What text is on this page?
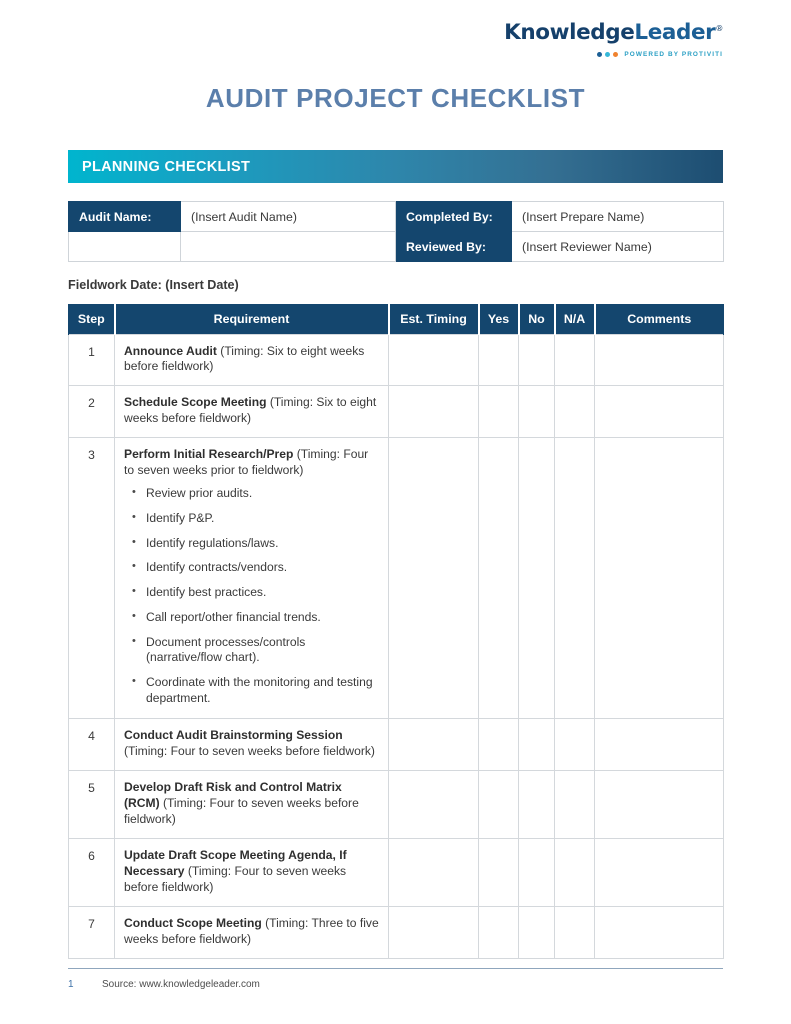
KnowledgeLeader®
POWERED BY PROTIVITI
AUDIT PROJECT CHECKLIST
PLANNING CHECKLIST
Audit Name:	(Insert Audit Name)	Completed By:	(Insert Prepare Name)
		Reviewed By:	(Insert Reviewer Name)
Fieldwork Date: (Insert Date)
Step	Requirement	Est. Timing	Yes	No	N/A	Comments
1	Announce Audit (Timing: Six to eight weeks before fieldwork)					

2	Schedule Scope Meeting (Timing: Six to eight weeks before fieldwork)					

3	Perform Initial Research/Prep (Timing: Four to seven weeks prior to fieldwork)

• Review prior audits.
• Identify P&P.
• Identify regulations/laws.
• Identify contracts/vendors.
• Identify best practices.
• Call report/other financial trends.
• Document processes/controls (narrative/flow chart).
• Coordinate with the monitoring and testing department.

4	Conduct Audit Brainstorming Session (Timing: Four to seven weeks before fieldwork)					

5	Develop Draft Risk and Control Matrix (RCM) (Timing: Four to seven weeks before fieldwork)					

6	Update Draft Scope Meeting Agenda, If Necessary (Timing: Four to seven weeks before fieldwork)					

7	Conduct Scope Meeting (Timing: Three to five weeks before fieldwork)					

1	Source: www.knowledgeleader.com
